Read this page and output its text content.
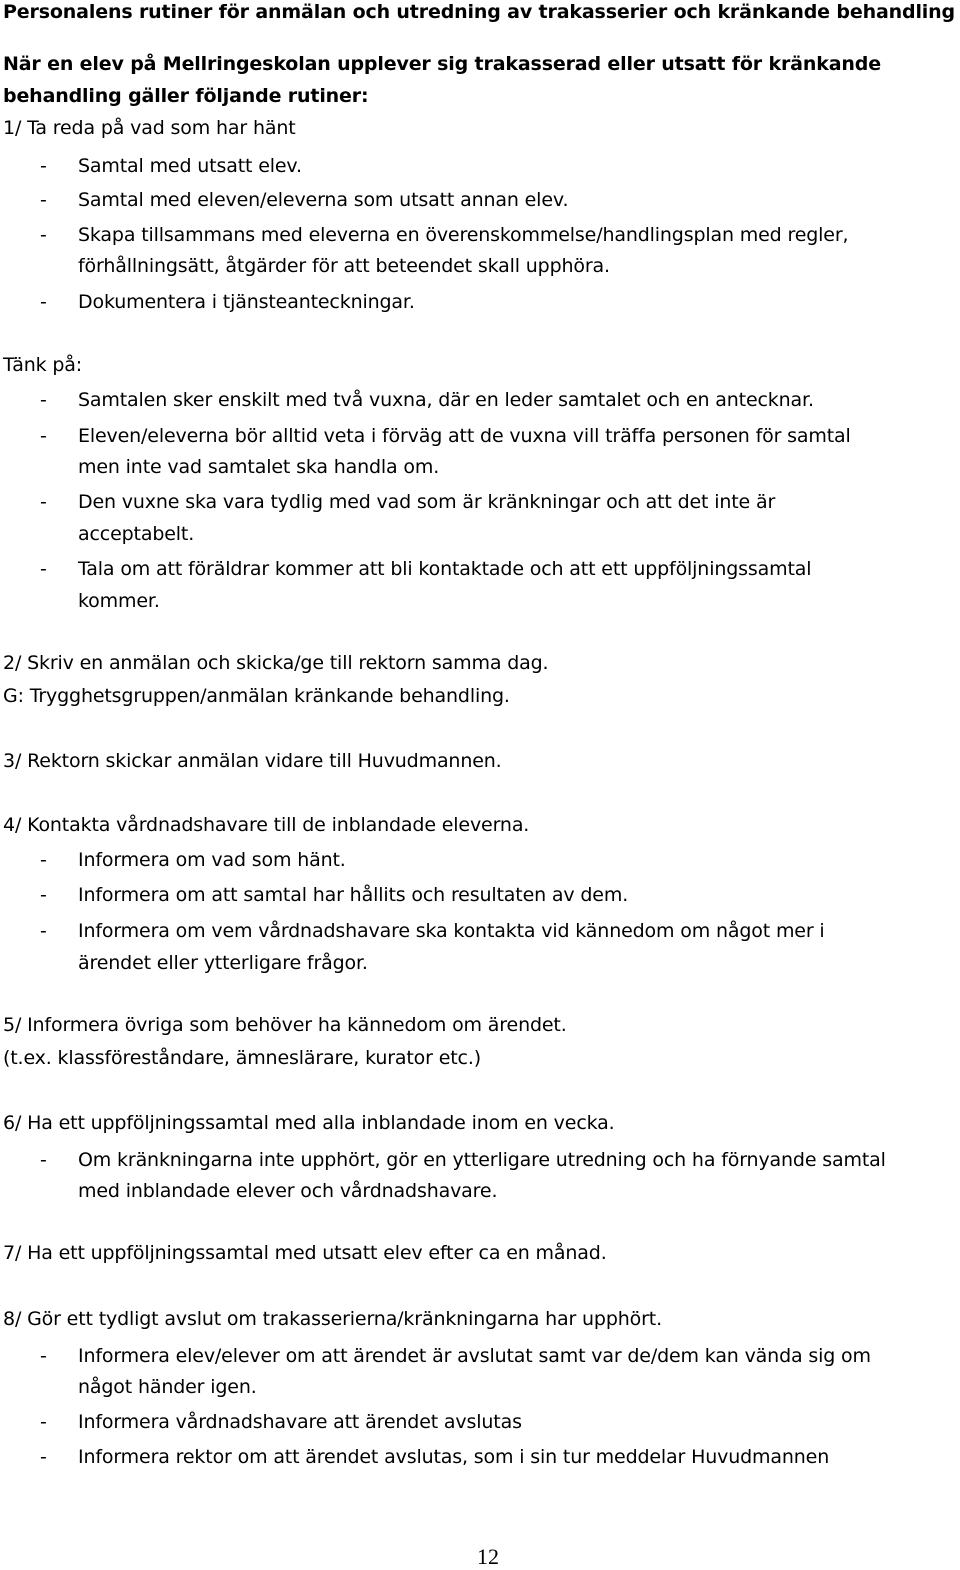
Personalens rutiner för anmälan och utredning av trakasserier och kränkande behandling
När en elev på Mellringeskolan upplever sig trakasserad eller utsatt för kränkande
behandling gäller följande rutiner:
1/ Ta reda på vad som har hänt
- Samtal med utsatt elev.
- Samtal med eleven/eleverna som utsatt annan elev.
- Skapa tillsammans med eleverna en överenskommelse/handlingsplan med regler,
förhållningsätt, åtgärder för att beteendet skall upphöra.
- Dokumentera i tjänsteanteckningar.
Tänk på:
- Samtalen sker enskilt med två vuxna, där en leder samtalet och en antecknar.
- Eleven/eleverna bör alltid veta i förväg att de vuxna vill träffa personen för samtal
men inte vad samtalet ska handla om.
- Den vuxne ska vara tydlig med vad som är kränkningar och att det inte är
acceptabelt.
- Tala om att föräldrar kommer att bli kontaktade och att ett uppföljningssamtal
kommer.
2/ Skriv en anmälan och skicka/ge till rektorn samma dag.
G: Trygghetsgruppen/anmälan kränkande behandling.
3/ Rektorn skickar anmälan vidare till Huvudmannen.
4/ Kontakta vårdnadshavare till de inblandade eleverna.
- Informera om vad som hänt.
- Informera om att samtal har hållits och resultaten av dem.
- Informera om vem vårdnadshavare ska kontakta vid kännedom om något mer i
ärendet eller ytterligare frågor.
5/ Informera övriga som behöver ha kännedom om ärendet.
(t.ex. klassföreståndare, ämneslärare, kurator etc.)
6/ Ha ett uppföljningssamtal med alla inblandade inom en vecka.
- Om kränkningarna inte upphört, gör en ytterligare utredning och ha förnyande samtal
med inblandade elever och vårdnadshavare.
7/ Ha ett uppföljningssamtal med utsatt elev efter ca en månad.
8/ Gör ett tydligt avslut om trakasserierna/kränkningarna har upphört.
- Informera elev/elever om att ärendet är avslutat samt var de/dem kan vända sig om
något händer igen.
- Informera vårdnadshavare att ärendet avslutas
- Informera rektor om att ärendet avslutas, som i sin tur meddelar Huvudmannen
12
